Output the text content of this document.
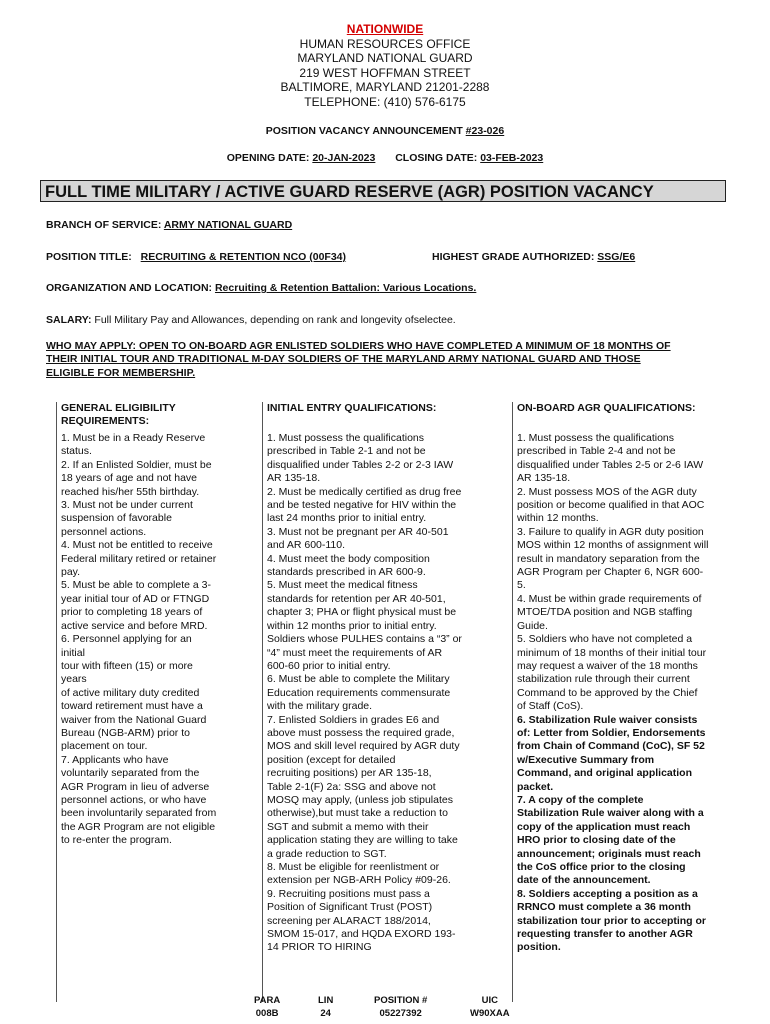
NATIONWIDE
HUMAN RESOURCES OFFICE
MARYLAND NATIONAL GUARD
219 WEST HOFFMAN STREET
BALTIMORE, MARYLAND 21201-2288
TELEPHONE: (410) 576-6175
POSITION VACANCY ANNOUNCEMENT #23-026
OPENING DATE: 20-JAN-2023 CLOSING DATE: 03-FEB-2023
FULL TIME MILITARY / ACTIVE GUARD RESERVE (AGR) POSITION VACANCY
BRANCH OF SERVICE: ARMY NATIONAL GUARD
POSITION TITLE: RECRUITING & RETENTION NCO (00F34)	HIGHEST GRADE AUTHORIZED: SSG/E6
ORGANIZATION AND LOCATION: Recruiting & Retention Battalion: Various Locations.
SALARY: Full Military Pay and Allowances, depending on rank and longevity ofselectee.
WHO MAY APPLY: OPEN TO ON-BOARD AGR ENLISTED SOLDIERS WHO HAVE COMPLETED A MINIMUM OF 18 MONTHS OF
THEIR INITIAL TOUR AND TRADITIONAL M-DAY SOLDIERS OF THE MARYLAND ARMY NATIONAL GUARD AND THOSE
ELIGIBLE FOR MEMBERSHIP.
GENERAL ELIGIBILITY REQUIREMENTS:

1. Must be in a Ready Reserve

status.

2. If an Enlisted Soldier, must be

18 years of age and not have

reached his/her 55th birthday.

3. Must not be under current

suspension of favorable

personnel actions.

4. Must not be entitled to receive

Federal military retired or retainer

pay.

5. Must be able to complete a 3-

year initial tour of AD or FTNGD

prior to completing 18 years of

active service and before MRD.

6. Personnel applying for an

initial

tour with fifteen (15) or more

years

of active military duty credited

toward retirement must have a

waiver from the National Guard

Bureau (NGB-ARM) prior to

placement on tour.

7. Applicants who have

voluntarily separated from the

AGR Program in lieu of adverse

personnel actions, or who have

been involuntarily separated from

the AGR Program are not eligible

to re-enter the program.

INITIAL ENTRY QUALIFICATIONS:

1. Must possess the qualifications

prescribed in Table 2-1 and not be

disqualified under Tables 2-2 or 2-3 IAW

AR 135-18.

2. Must be medically certified as drug free

and be tested negative for HIV within the

last 24 months prior to initial entry.

3. Must not be pregnant per AR 40-501

and AR 600-110.

4. Must meet the body composition

standards prescribed in AR 600-9.

5. Must meet the medical fitness

standards for retention per AR 40-501,

chapter 3; PHA or flight physical must be

within 12 months prior to initial entry.

Soldiers whose PULHES contains a “3” or

“4” must meet the requirements of AR

600-60 prior to initial entry.

6. Must be able to complete the Military

Education requirements commensurate

with the military grade.

7. Enlisted Soldiers in grades E6 and

above must possess the required grade,

MOS and skill level required by AGR duty

position (except for detailed

recruiting positions) per AR 135-18,

Table 2-1(F) 2a: SSG and above not

MOSQ may apply, (unless job stipulates

otherwise),but must take a reduction to

SGT and submit a memo with their

application stating they are willing to take

a grade reduction to SGT.

8. Must be eligible for reenlistment or

extension per NGB-ARH Policy #09-26.

9. Recruiting positions must pass a

Position of Significant Trust (POST)

screening per ALARACT 188/2014,

SMOM 15-017, and HQDA EXORD 193-

14 PRIOR TO HIRING

ON-BOARD AGR QUALIFICATIONS:

1. Must possess the qualifications

prescribed in Table 2-4 and not be

disqualified under Tables 2-5 or 2-6 IAW

AR 135-18.

2. Must possess MOS of the AGR duty

position or become qualified in that AOC

within 12 months.

3. Failure to qualify in AGR duty position

MOS within 12 months of assignment will

result in mandatory separation from the

AGR Program per Chapter 6, NGR 600-

5.

4. Must be within grade requirements of

MTOE/TDA position and NGB staffing

Guide.

5. Soldiers who have not completed a

minimum of 18 months of their initial tour

may request a waiver of the 18 months

stabilization rule through their current

Command to be approved by the Chief

of Staff (CoS).

6. Stabilization Rule waiver consists

of: Letter from Soldier, Endorsements

from Chain of Command (CoC), SF 52

w/Executive Summary from

Command, and original application

packet.

7. A copy of the complete

Stabilization Rule waiver along with a

copy of the application must reach

HRO prior to closing date of the

announcement; originals must reach

the CoS office prior to the closing

date of the announcement.

8. Soldiers accepting a position as a

RRNCO must complete a 36 month

stabilization tour prior to accepting or

requesting transfer to another AGR

position.

PARA
008B
LIN
24
POSITION #
05227392
UIC
W90XAA
